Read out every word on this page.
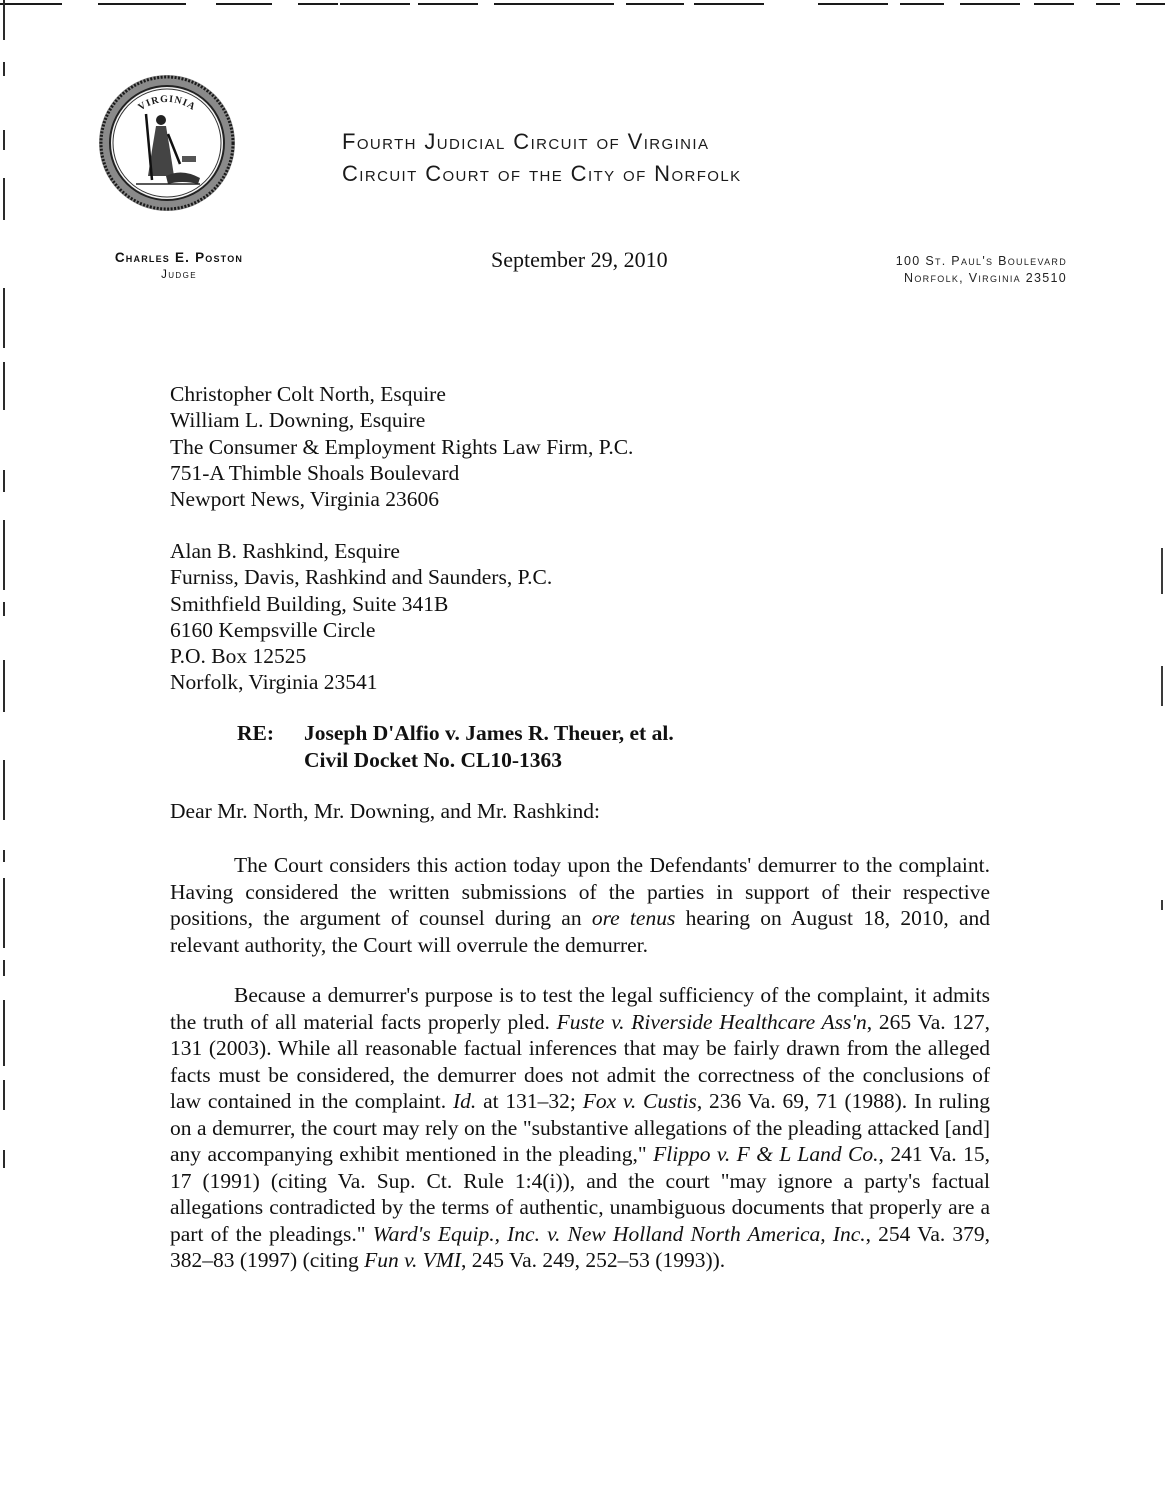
VIRGINIA
Fourth Judicial Circuit of Virginia
Circuit Court of the City of Norfolk
Charles E. Poston
Judge
September 29, 2010	100 St. Paul's Boulevard
Norfolk, Virginia 23510
Christopher Colt North, Esquire
William L. Downing, Esquire
The Consumer & Employment Rights Law Firm, P.C.
751-A Thimble Shoals Boulevard
Newport News, Virginia 23606
Alan B. Rashkind, Esquire
Furniss, Davis, Rashkind and Saunders, P.C.
Smithfield Building, Suite 341B
6160 Kempsville Circle
P.O. Box 12525
Norfolk, Virginia 23541
RE: Joseph D'Alfio v. James R. Theuer, et al.
Civil Docket No. CL10-1363
Dear Mr. North, Mr. Downing, and Mr. Rashkind:

The Court considers this action today upon the Defendants' demurrer to the complaint. Having considered the written submissions of the parties in support of their respective positions, the argument of counsel during an ore tenus hearing on August 18, 2010, and relevant authority, the Court will overrule the demurrer.

Because a demurrer's purpose is to test the legal sufficiency of the complaint, it admits the truth of all material facts properly pled. Fuste v. Riverside Healthcare Ass'n, 265 Va. 127, 131 (2003). While all reasonable factual inferences that may be fairly drawn from the alleged facts must be considered, the demurrer does not admit the correctness of the conclusions of law contained in the complaint. Id. at 131–32; Fox v. Custis, 236 Va. 69, 71 (1988). In ruling on a demurrer, the court may rely on the "substantive allegations of the pleading attacked [and] any accompanying exhibit mentioned in the pleading," Flippo v. F & L Land Co., 241 Va. 15, 17 (1991) (citing Va. Sup. Ct. Rule 1:4(i)), and the court "may ignore a party's factual allegations contradicted by the terms of authentic, unambiguous documents that properly are a part of the pleadings." Ward's Equip., Inc. v. New Holland North America, Inc., 254 Va. 379, 382–83 (1997) (citing Fun v. VMI, 245 Va. 249, 252–53 (1993)).
